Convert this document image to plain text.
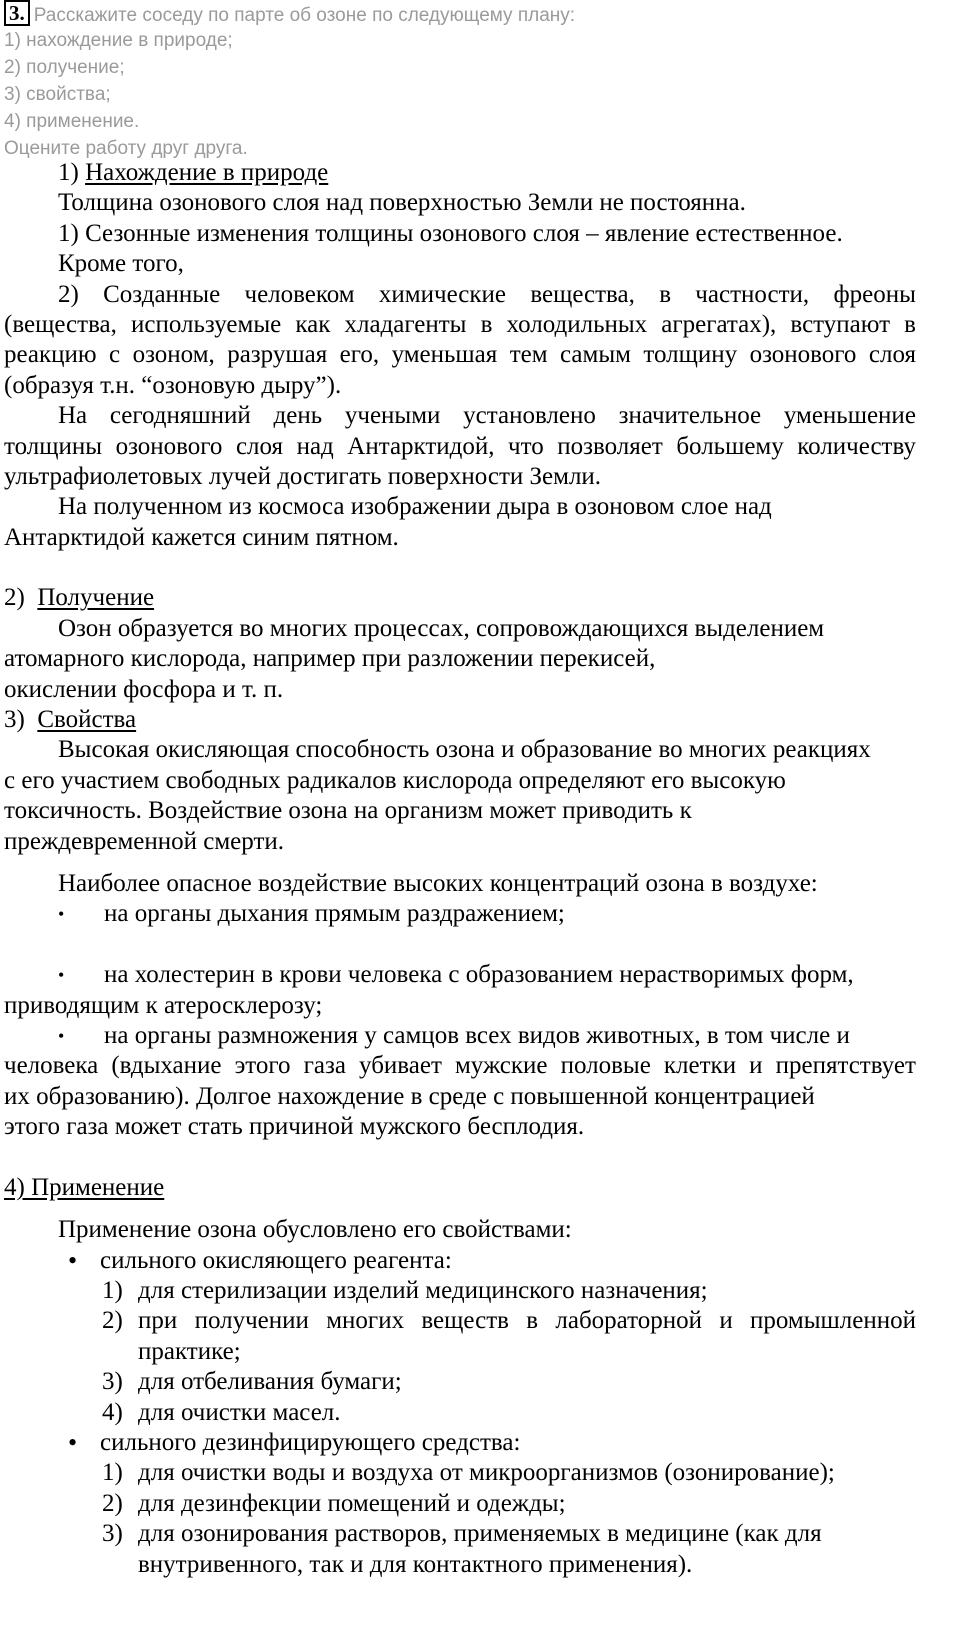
3. Расскажите соседу по парте об озоне по следующему плану:
1) нахождение в природе;
2) получение;
3) свойства;
4) применение.
Оцените работу друг друга.
1) Нахождение в природе
Толщина озонового слоя над поверхностью Земли не постоянна.
1) Сезонные изменения толщины озонового слоя – явление естественное.
Кроме того,
2) Созданные человеком химические вещества, в частности, фреоны
(вещества, используемые как хладагенты в холодильных агрегатах), вступают в
реакцию с озоном, разрушая его, уменьшая тем самым толщину озонового слоя
(образуя т.н. “озоновую дыру”).
На сегодняшний день учеными установлено значительное уменьшение
толщины озонового слоя над Антарктидой, что позволяет большему количеству
ультрафиолетовых лучей достигать поверхности Земли.
На полученном из космоса изображении дыра в озоновом слое над
Антарктидой кажется синим пятном.
2) Получение
Озон образуется во многих процессах, сопровождающихся выделением
атомарного кислорода, например при разложении перекисей,
окислении фосфора и т. п.
3) Свойства
Высокая окисляющая способность озона и образование во многих реакциях
с его участием свободных радикалов кислорода определяют его высокую
токсичность. Воздействие озона на организм может приводить к
преждевременной смерти.
Наиболее опасное воздействие высоких концентраций озона в воздухе:
• на органы дыхания прямым раздражением;
• на холестерин в крови человека с образованием нерастворимых форм,
приводящим к атеросклерозу;
• на органы размножения у самцов всех видов животных, в том числе и
человека (вдыхание этого газа убивает мужские половые клетки и препятствует
их образованию). Долгое нахождение в среде с повышенной концентрацией
этого газа может стать причиной мужского бесплодия.
4) Применение
Применение озона обусловлено его свойствами:
• сильного окисляющего реагента:
1) для стерилизации изделий медицинского назначения;
2) при получении многих веществ в лабораторной и промышленной
практике;
3) для отбеливания бумаги;
4) для очистки масел.
• сильного дезинфицирующего средства:
1) для очистки воды и воздуха от микроорганизмов (озонирование);
2) для дезинфекции помещений и одежды;
3) для озонирования растворов, применяемых в медицине (как для
внутривенного, так и для контактного применения).
